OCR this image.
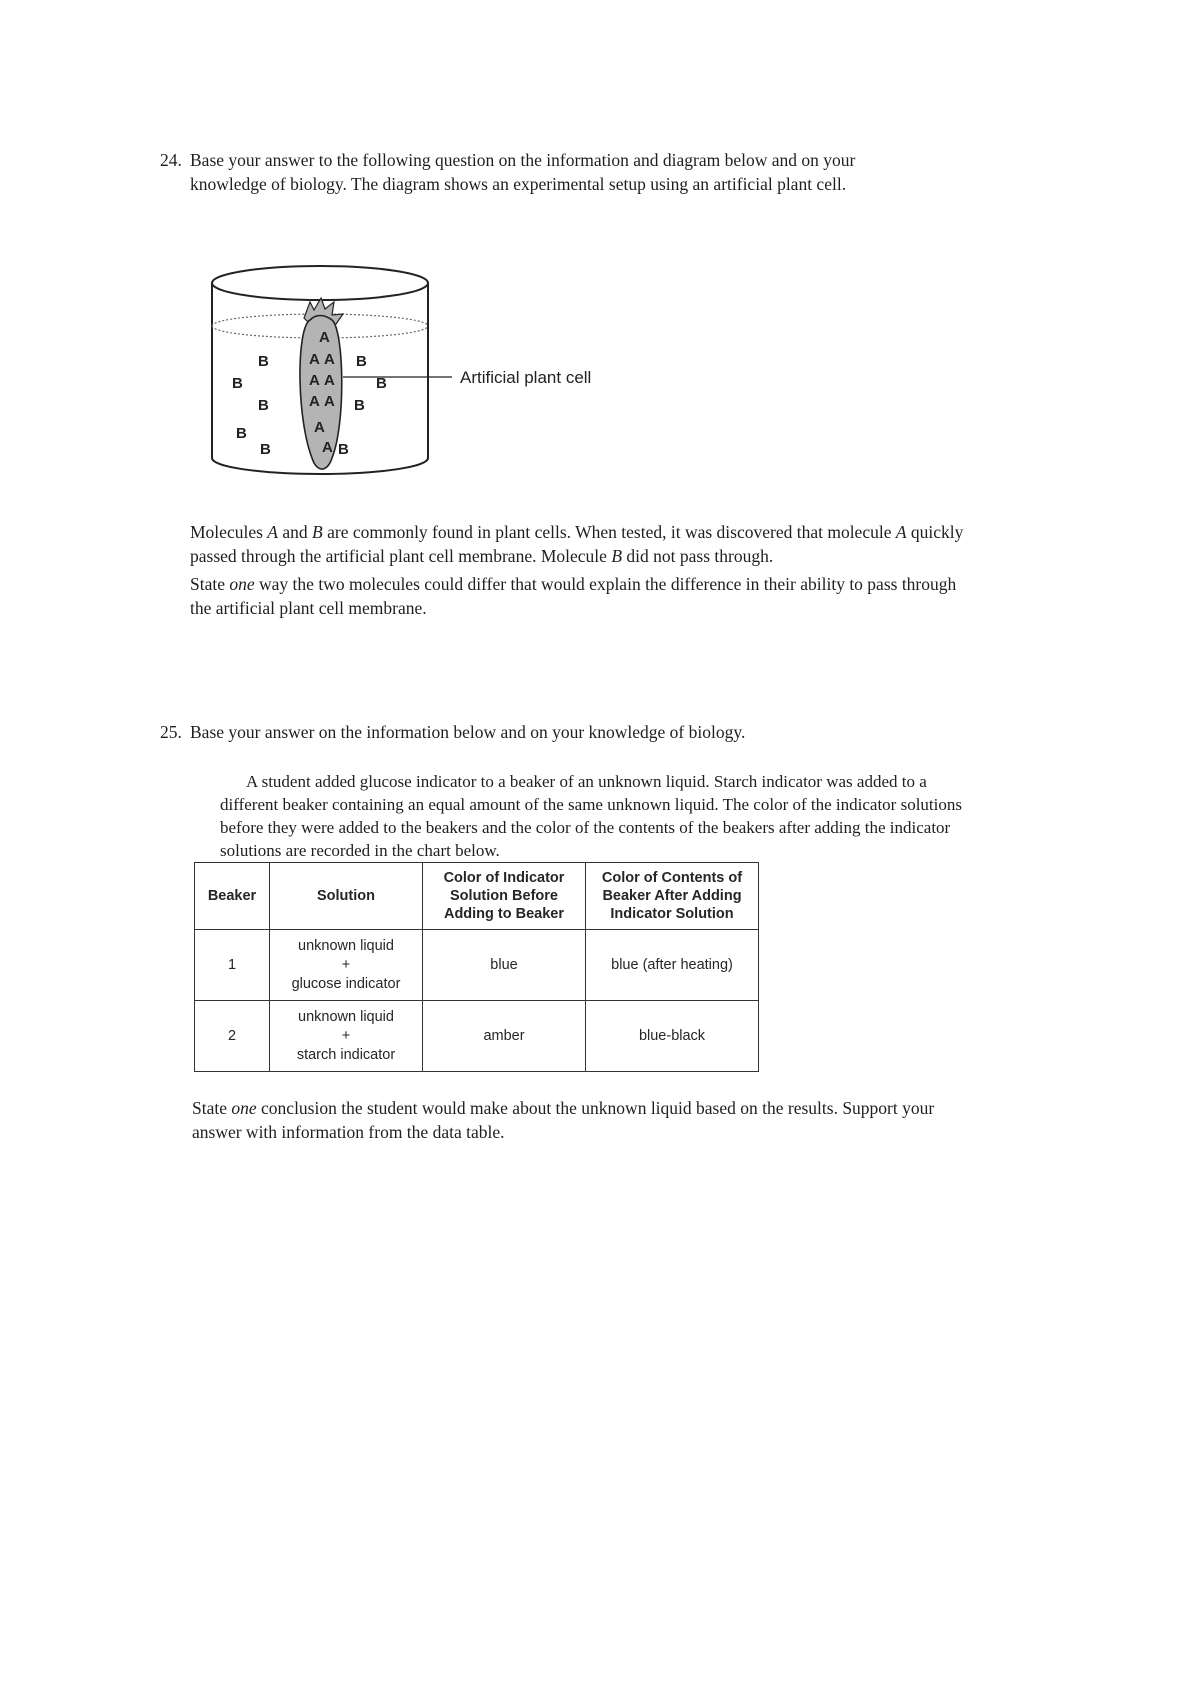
24. Base your answer to the following question on the information and diagram below and on your
knowledge of biology. The diagram shows an experimental setup using an artificial plant cell.
Artificial plant cell
A
A A
A A
A A
A
A
B
B
B
B
B
B
B
B
B

Molecules A and B are commonly found in plant cells. When tested, it was discovered that molecule A quickly passed through the artificial plant cell membrane. Molecule B did not pass through.

State one way the two molecules could differ that would explain the difference in their ability to pass through the artificial plant cell membrane.

25. Base your answer on the information below and on your knowledge of biology.
A student added glucose indicator to a beaker of an unknown liquid. Starch indicator was added to a different beaker containing an equal amount of the same unknown liquid. The color of the indicator solutions before they were added to the beakers and the color of the contents of the beakers after adding the indicator solutions are recorded in the chart below.
Beaker	Solution	Color of Indicator
Solution Before
Adding to Beaker	Color of Contents of
Beaker After Adding
Indicator Solution

1	unknown liquid
+
glucose indicator	blue	blue (after heating)
2	unknown liquid
+
starch indicator	amber	blue-black
State one conclusion the student would make about the unknown liquid based on the results. Support your answer with information from the data table.
